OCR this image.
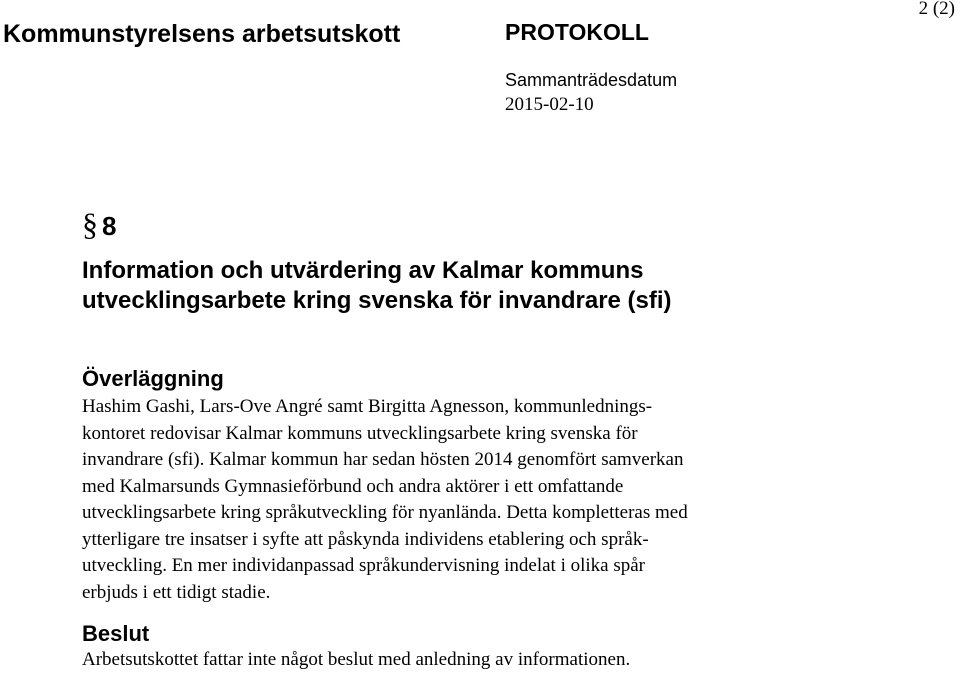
Kommunstyrelsens arbetsutskott	PROTOKOLL
2 (2)
Sammanträdesdatum
2015-02-10
§ 8
Information och utvärdering av Kalmar kommuns
utvecklingsarbete kring svenska för invandrare (sfi)
Överläggning

Hashim Gashi, Lars-Ove Angré samt Birgitta Agnesson, kommunlednings-
kontoret redovisar Kalmar kommuns utvecklingsarbete kring svenska för
invandrare (sfi). Kalmar kommun har sedan hösten 2014 genomfört samverkan
med Kalmarsunds Gymnasieförbund och andra aktörer i ett omfattande
utvecklingsarbete kring språkutveckling för nyanlända. Detta kompletteras med
ytterligare tre insatser i syfte att påskynda individens etablering och språk-
utveckling. En mer individanpassad språkundervisning indelat i olika spår
erbjuds i ett tidigt stadie.

Beslut

Arbetsutskottet fattar inte något beslut med anledning av informationen.
